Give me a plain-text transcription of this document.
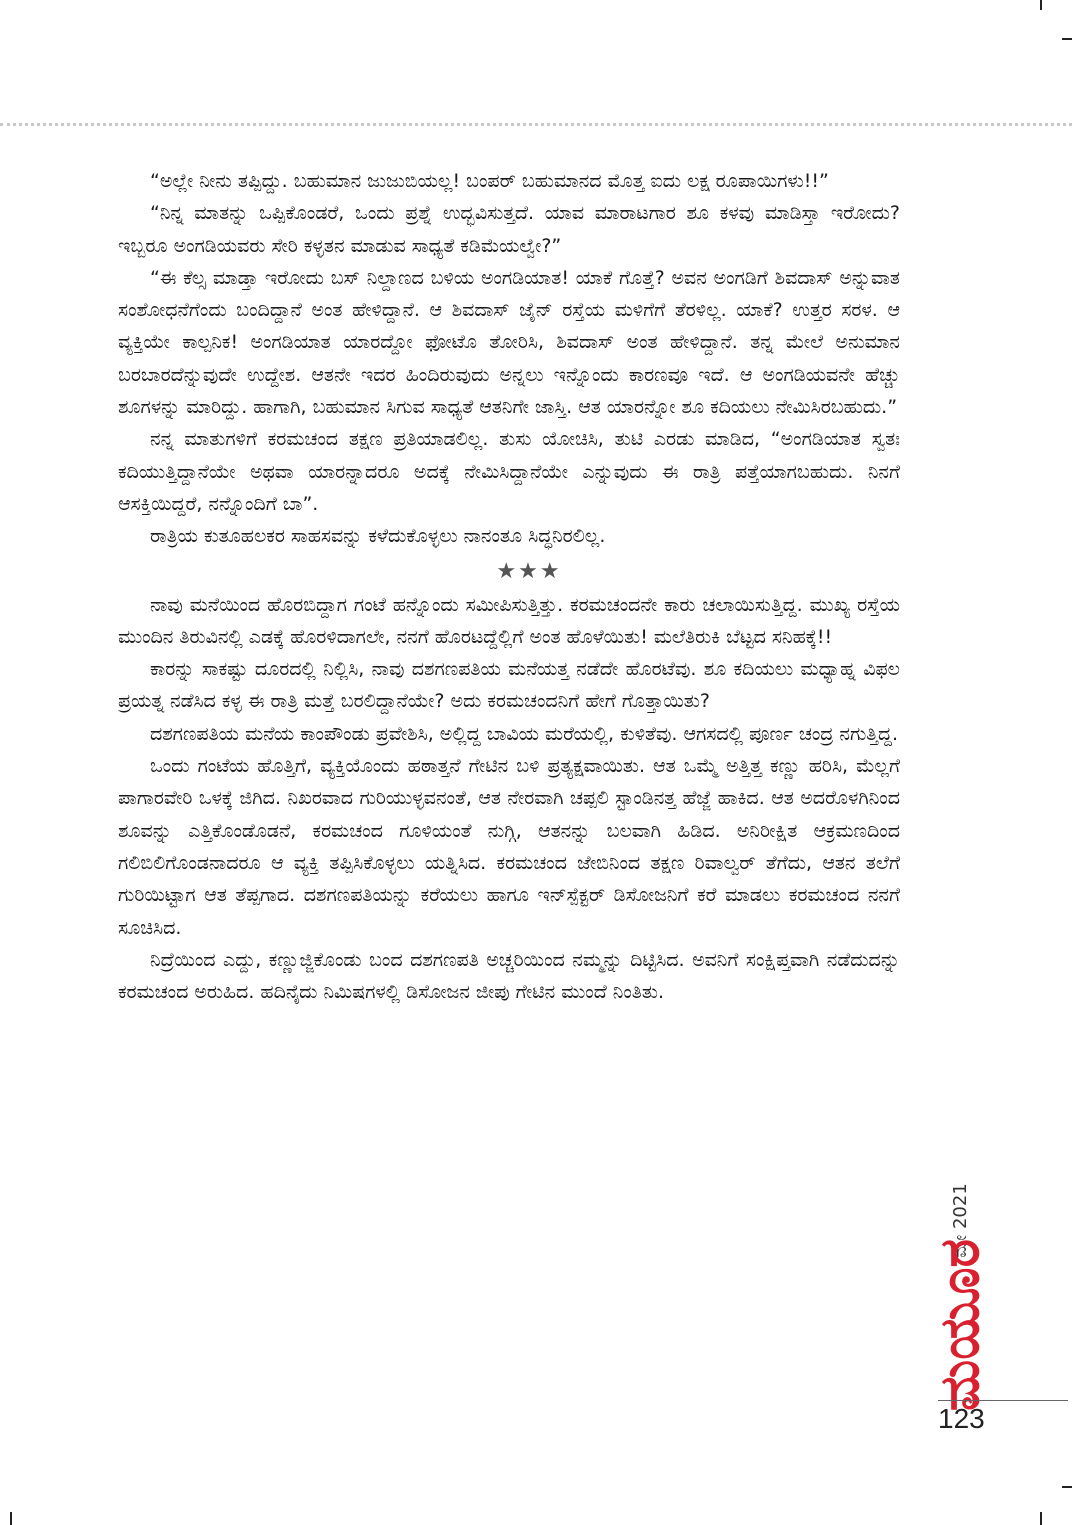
“ಅಲ್ಲೇ ನೀನು ತಪ್ಪಿದ್ದು. ಬಹುಮಾನ ಜುಜುಬಿಯಲ್ಲ! ಬಂಪರ್ ಬಹುಮಾನದ ಮೊತ್ತ ಐದು ಲಕ್ಷ ರೂಪಾಯಿಗಳು!!”

“ನಿನ್ನ ಮಾತನ್ನು ಒಪ್ಪಿಕೊಂಡರೆ, ಒಂದು ಪ್ರಶ್ನೆ ಉದ್ಭವಿಸುತ್ತದೆ. ಯಾವ ಮಾರಾಟಗಾರ ಶೂ ಕಳವು ಮಾಡಿಸ್ತಾ ಇರೋದು? ಇಬ್ಬರೂ ಅಂಗಡಿಯವರು ಸೇರಿ ಕಳ್ಳತನ ಮಾಡುವ ಸಾಧ್ಯತೆ ಕಡಿಮೆಯಲ್ವೇ?”

“ಈ ಕೆಲ್ಸ ಮಾಡ್ತಾ ಇರೋದು ಬಸ್ ನಿಲ್ದಾಣದ ಬಳಿಯ ಅಂಗಡಿಯಾತ! ಯಾಕೆ ಗೊತ್ತೆ? ಅವನ ಅಂಗಡಿಗೆ ಶಿವದಾಸ್ ಅನ್ನುವಾತ ಸಂಶೋಧನೆಗೆಂದು ಬಂದಿದ್ದಾನೆ ಅಂತ ಹೇಳಿದ್ದಾನೆ. ಆ ಶಿವದಾಸ್ ಜೈನ್ ರಸ್ತೆಯ ಮಳಿಗೆಗೆ ತೆರಳಿಲ್ಲ. ಯಾಕೆ? ಉತ್ತರ ಸರಳ. ಆ ವ್ಯಕ್ತಿಯೇ ಕಾಲ್ಪನಿಕ! ಅಂಗಡಿಯಾತ ಯಾರದ್ದೋ ಫೋಟೊ ತೋರಿಸಿ, ಶಿವದಾಸ್ ಅಂತ ಹೇಳಿದ್ದಾನೆ. ತನ್ನ ಮೇಲೆ ಅನುಮಾನ ಬರಬಾರದೆನ್ನುವುದೇ ಉದ್ದೇಶ. ಆತನೇ ಇದರ ಹಿಂದಿರುವುದು ಅನ್ನಲು ಇನ್ನೊಂದು ಕಾರಣವೂ ಇದೆ. ಆ ಅಂಗಡಿಯವನೇ ಹೆಚ್ಚು ಶೂಗಳನ್ನು ಮಾರಿದ್ದು. ಹಾಗಾಗಿ, ಬಹುಮಾನ ಸಿಗುವ ಸಾಧ್ಯತೆ ಆತನಿಗೇ ಜಾಸ್ತಿ. ಆತ ಯಾರನ್ನೋ ಶೂ ಕದಿಯಲು ನೇಮಿಸಿರಬಹುದು.”

ನನ್ನ ಮಾತುಗಳಿಗೆ ಕರಮಚಂದ ತಕ್ಷಣ ಪ್ರತಿಯಾಡಲಿಲ್ಲ. ತುಸು ಯೋಚಿಸಿ, ತುಟಿ ಎರಡು ಮಾಡಿದ, “ಅಂಗಡಿಯಾತ ಸ್ವತಃ ಕದಿಯುತ್ತಿದ್ದಾನೆಯೇ ಅಥವಾ ಯಾರನ್ನಾದರೂ ಅದಕ್ಕೆ ನೇಮಿಸಿದ್ದಾನೆಯೇ ಎನ್ನುವುದು ಈ ರಾತ್ರಿ ಪತ್ತೆಯಾಗಬಹುದು. ನಿನಗೆ ಆಸಕ್ತಿಯಿದ್ದರೆ, ನನ್ನೊಂದಿಗೆ ಬಾ”.

ರಾತ್ರಿಯ ಕುತೂಹಲಕರ ಸಾಹಸವನ್ನು ಕಳೆದುಕೊಳ್ಳಲು ನಾನಂತೂ ಸಿದ್ಧನಿರಲಿಲ್ಲ.

★★★

ನಾವು ಮನೆಯಿಂದ ಹೊರಬಿದ್ದಾಗ ಗಂಟೆ ಹನ್ನೊಂದು ಸಮೀಪಿಸುತ್ತಿತ್ತು. ಕರಮಚಂದನೇ ಕಾರು ಚಲಾಯಿಸುತ್ತಿದ್ದ. ಮುಖ್ಯ ರಸ್ತೆಯ ಮುಂದಿನ ತಿರುವಿನಲ್ಲಿ ಎಡಕ್ಕೆ ಹೊರಳಿದಾಗಲೇ, ನನಗೆ ಹೊರಟದ್ದೆಲ್ಲಿಗೆ ಅಂತ ಹೊಳೆಯಿತು! ಮಲೆತಿರುಕಿ ಬೆಟ್ಟದ ಸನಿಹಕ್ಕೆ!!

ಕಾರನ್ನು ಸಾಕಷ್ಟು ದೂರದಲ್ಲಿ ನಿಲ್ಲಿಸಿ, ನಾವು ದಶಗಣಪತಿಯ ಮನೆಯತ್ತ ನಡೆದೇ ಹೊರಟೆವು. ಶೂ ಕದಿಯಲು ಮಧ್ಯಾಹ್ನ ವಿಫಲ ಪ್ರಯತ್ನ ನಡೆಸಿದ ಕಳ್ಳ ಈ ರಾತ್ರಿ ಮತ್ತೆ ಬರಲಿದ್ದಾನೆಯೇ? ಅದು ಕರಮಚಂದನಿಗೆ ಹೇಗೆ ಗೊತ್ತಾಯಿತು?

ದಶಗಣಪತಿಯ ಮನೆಯ ಕಾಂಪೌಂಡು ಪ್ರವೇಶಿಸಿ, ಅಲ್ಲಿದ್ದ ಬಾವಿಯ ಮರೆಯಲ್ಲಿ, ಕುಳಿತೆವು. ಆಗಸದಲ್ಲಿ ಪೂರ್ಣ ಚಂದ್ರ ನಗುತ್ತಿದ್ದ.

ಒಂದು ಗಂಟೆಯ ಹೊತ್ತಿಗೆ, ವ್ಯಕ್ತಿಯೊಂದು ಹಠಾತ್ತನೆ ಗೇಟಿನ ಬಳಿ ಪ್ರತ್ಯಕ್ಷವಾಯಿತು. ಆತ ಒಮ್ಮೆ ಅತ್ತಿತ್ತ ಕಣ್ಣು ಹರಿಸಿ, ಮೆಲ್ಲಗೆ ಪಾಗಾರವೇರಿ ಒಳಕ್ಕೆ ಜಿಗಿದ. ನಿಖರವಾದ ಗುರಿಯುಳ್ಳವನಂತೆ, ಆತ ನೇರವಾಗಿ ಚಪ್ಪಲಿ ಸ್ಟಾಂಡಿನತ್ತ ಹೆಜ್ಜೆ ಹಾಕಿದ. ಆತ ಅದರೊಳಗಿನಿಂದ ಶೂವನ್ನು ಎತ್ತಿಕೊಂಡೊಡನೆ, ಕರಮಚಂದ ಗೂಳಿಯಂತೆ ನುಗ್ಗಿ, ಆತನನ್ನು ಬಲವಾಗಿ ಹಿಡಿದ. ಅನಿರೀಕ್ಷಿತ ಆಕ್ರಮಣದಿಂದ ಗಲಿಬಿಲಿಗೊಂಡನಾದರೂ ಆ ವ್ಯಕ್ತಿ ತಪ್ಪಿಸಿಕೊಳ್ಳಲು ಯತ್ನಿಸಿದ. ಕರಮಚಂದ ಜೇಬಿನಿಂದ ತಕ್ಷಣ ರಿವಾಲ್ವರ್ ತೆಗೆದು, ಆತನ ತಲೆಗೆ ಗುರಿಯಿಟ್ಟಾಗ ಆತ ತೆಪ್ಪಗಾದ. ದಶಗಣಪತಿಯನ್ನು ಕರೆಯಲು ಹಾಗೂ ಇನ್‌ಸ್ಪೆಕ್ಟರ್ ಡಿಸೋಜನಿಗೆ ಕರೆ ಮಾಡಲು ಕರಮಚಂದ ನನಗೆ ಸೂಚಿಸಿದ.

ನಿದ್ರೆಯಿಂದ ಎದ್ದು, ಕಣ್ಣುಜ್ಜಿಕೊಂಡು ಬಂದ ದಶಗಣಪತಿ ಅಚ್ಚರಿಯಿಂದ ನಮ್ಮನ್ನು ದಿಟ್ಟಿಸಿದ. ಅವನಿಗೆ ಸಂಕ್ಷಿಪ್ತವಾಗಿ ನಡೆದುದನ್ನು ಕರಮಚಂದ ಅರುಹಿದ. ಹದಿನೈದು ನಿಮಿಷಗಳಲ್ಲಿ ಡಿಸೋಜನ ಜೀಪು ಗೇಟಿನ ಮುಂದೆ ನಿಂತಿತು.

ಮೇ 2021
ಮಯೂರ
123
